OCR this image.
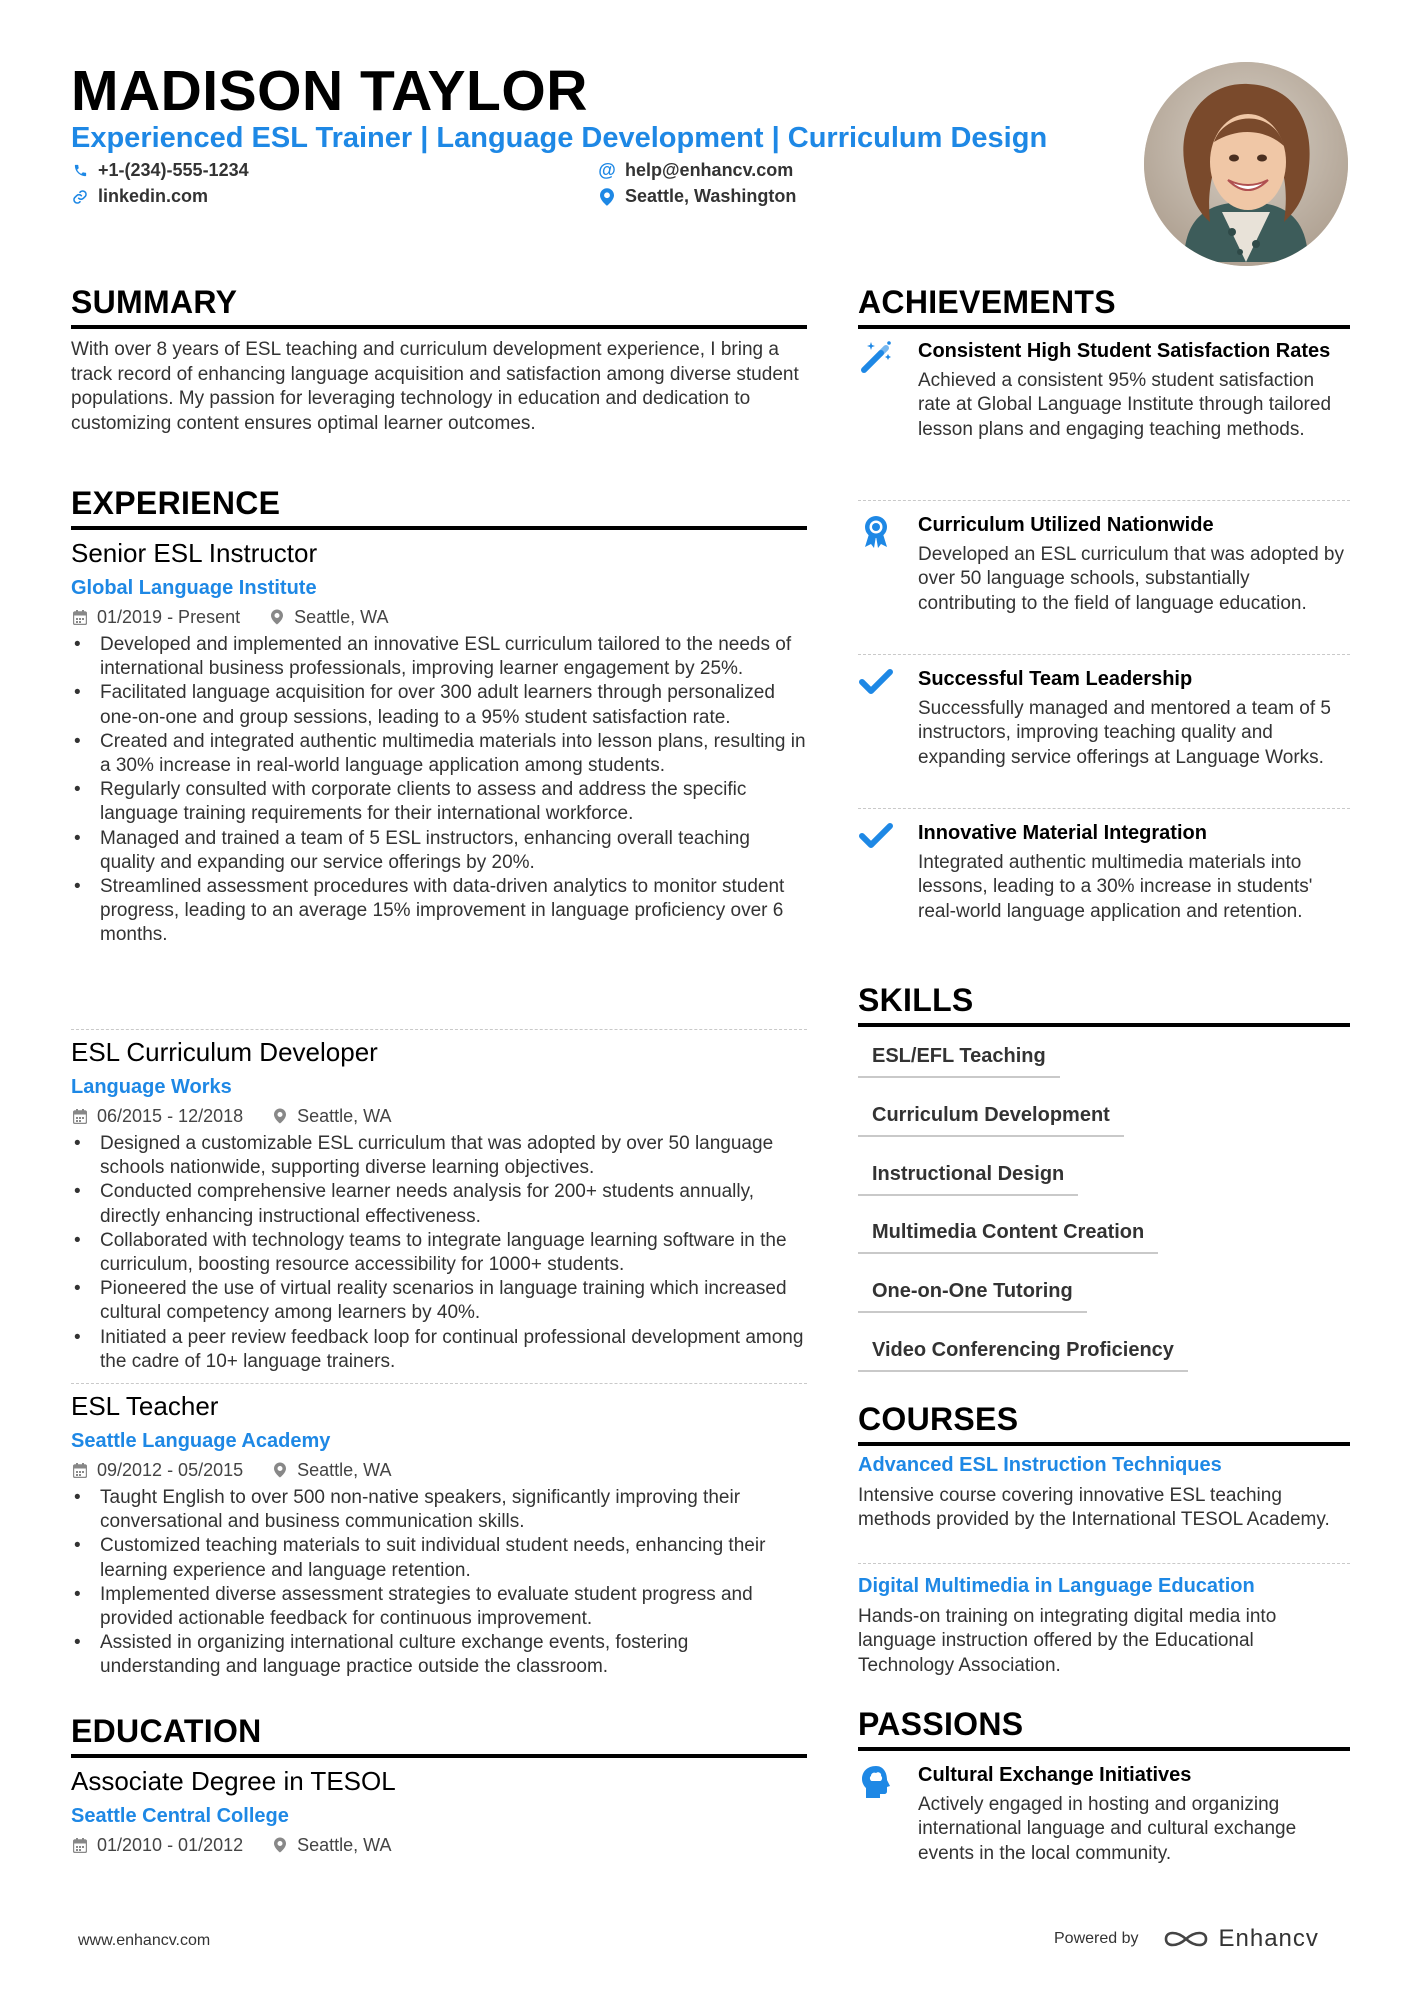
MADISON TAYLOR
Experienced ESL Trainer | Language Development | Curriculum Design
+1-(234)-555-1234	@ help@enhancv.com
linkedin.com	Seattle, Washington
SUMMARY
With over 8 years of ESL teaching and curriculum development experience, I bring a track record of enhancing language acquisition and satisfaction among diverse student populations. My passion for leveraging technology in education and dedication to customizing content ensures optimal learner outcomes.
EXPERIENCE
Senior ESL Instructor
Global Language Institute
01/2019 - Present	Seattle, WA
• Developed and implemented an innovative ESL curriculum tailored to the needs of international business professionals, improving learner engagement by 25%.
• Facilitated language acquisition for over 300 adult learners through personalized one-on-one and group sessions, leading to a 95% student satisfaction rate.
• Created and integrated authentic multimedia materials into lesson plans, resulting in a 30% increase in real-world language application among students.
• Regularly consulted with corporate clients to assess and address the specific language training requirements for their international workforce.
• Managed and trained a team of 5 ESL instructors, enhancing overall teaching quality and expanding our service offerings by 20%.
• Streamlined assessment procedures with data-driven analytics to monitor student progress, leading to an average 15% improvement in language proficiency over 6 months.
ESL Curriculum Developer
Language Works
06/2015 - 12/2018	Seattle, WA
• Designed a customizable ESL curriculum that was adopted by over 50 language schools nationwide, supporting diverse learning objectives.
• Conducted comprehensive learner needs analysis for 200+ students annually, directly enhancing instructional effectiveness.
• Collaborated with technology teams to integrate language learning software in the curriculum, boosting resource accessibility for 1000+ students.
• Pioneered the use of virtual reality scenarios in language training which increased cultural competency among learners by 40%.
• Initiated a peer review feedback loop for continual professional development among the cadre of 10+ language trainers.
ESL Teacher
Seattle Language Academy
09/2012 - 05/2015	Seattle, WA
• Taught English to over 500 non-native speakers, significantly improving their conversational and business communication skills.
• Customized teaching materials to suit individual student needs, enhancing their learning experience and language retention.
• Implemented diverse assessment strategies to evaluate student progress and provided actionable feedback for continuous improvement.
• Assisted in organizing international culture exchange events, fostering understanding and language practice outside the classroom.
EDUCATION
Associate Degree in TESOL
Seattle Central College
01/2010 - 01/2012	Seattle, WA
ACHIEVEMENTS
Consistent High Student Satisfaction Rates
Achieved a consistent 95% student satisfaction rate at Global Language Institute through tailored lesson plans and engaging teaching methods.
Curriculum Utilized Nationwide
Developed an ESL curriculum that was adopted by over 50 language schools, substantially contributing to the field of language education.
Successful Team Leadership
Successfully managed and mentored a team of 5 instructors, improving teaching quality and expanding service offerings at Language Works.
Innovative Material Integration
Integrated authentic multimedia materials into lessons, leading to a 30% increase in students' real-world language application and retention.
SKILLS
ESL/EFL Teaching
Curriculum Development
Instructional Design
Multimedia Content Creation
One-on-One Tutoring
Video Conferencing Proficiency
COURSES
Advanced ESL Instruction Techniques
Intensive course covering innovative ESL teaching methods provided by the International TESOL Academy.
Digital Multimedia in Language Education
Hands-on training on integrating digital media into language instruction offered by the Educational Technology Association.
PASSIONS
Cultural Exchange Initiatives
Actively engaged in hosting and organizing international language and cultural exchange events in the local community.
www.enhancv.com	Powered by	Enhancv
